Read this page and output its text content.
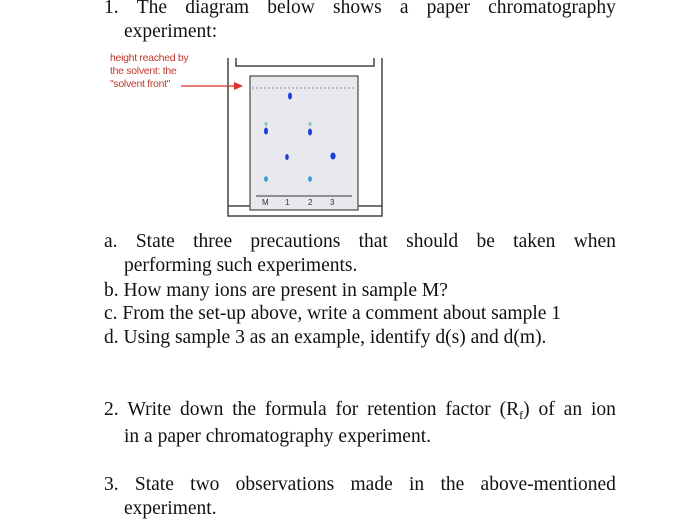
1. The diagram below shows a paper chromatography
experiment:
height reached by
the solvent: the
"solvent front"
M 1 2 3
a. State three precautions that should be taken when
performing such experiments.
b. How many ions are present in sample M?
c. From the set-up above, write a comment about sample 1
d. Using sample 3 as an example, identify d(s) and d(m).
2. Write down the formula for retention factor $(R_f)$ of an ion
in a paper chromatography experiment.
3. State two observations made in the above-mentioned
experiment.
